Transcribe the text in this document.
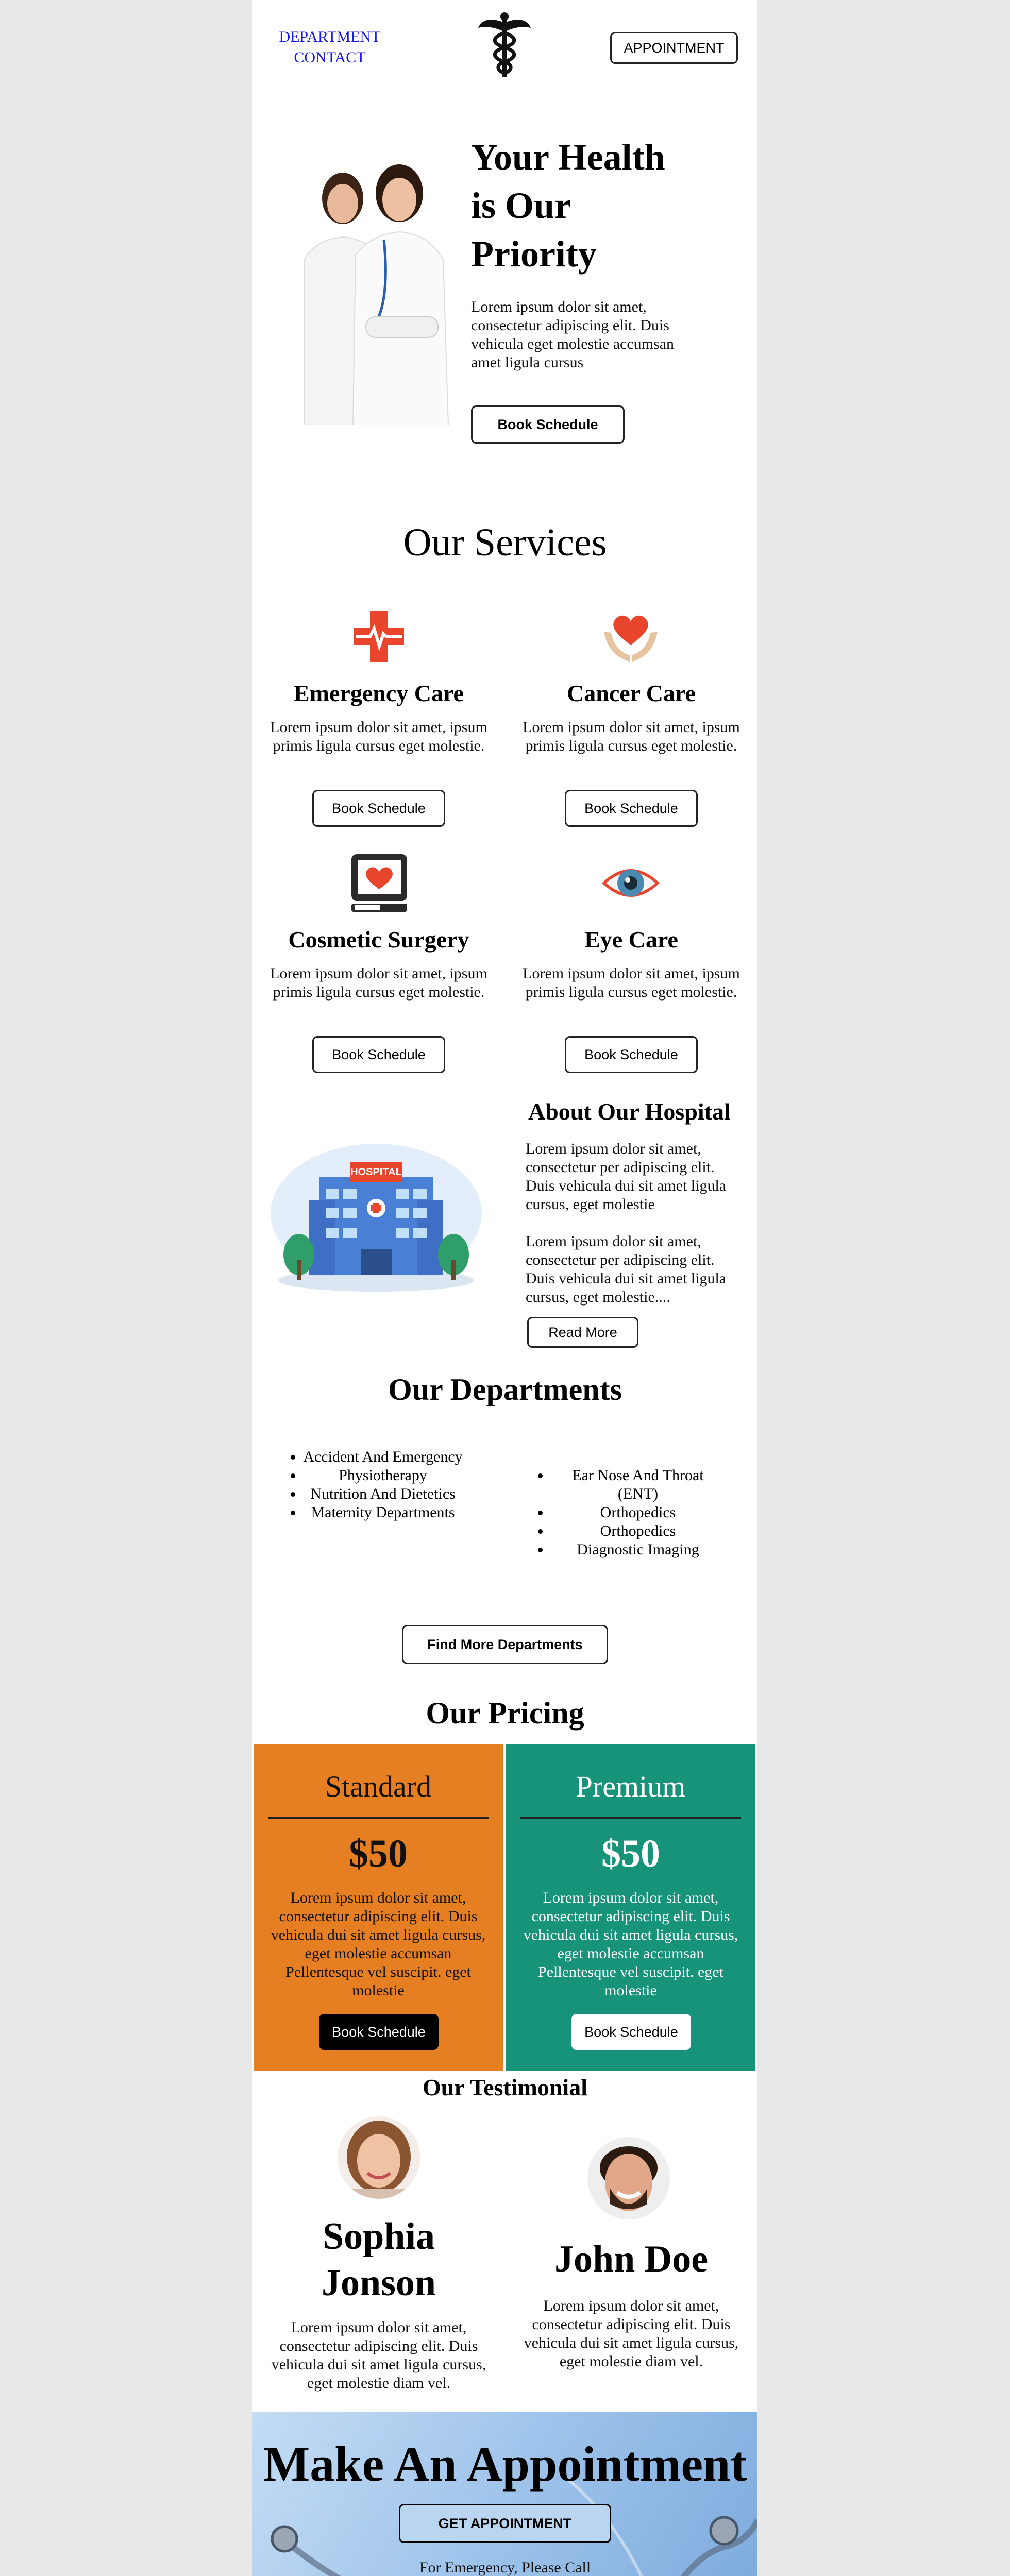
DEPARTMENT
CONTACT
APPOINTMENT
Your Health
is Our
Priority
Lorem ipsum dolor sit amet, consectetur adipiscing elit. Duis vehicula eget molestie accumsan amet ligula cursus
Book Schedule
Our Services
Emergency Care
Lorem ipsum dolor sit amet, ipsum primis ligula cursus eget molestie.
Book Schedule
Cancer Care
Lorem ipsum dolor sit amet, ipsum primis ligula cursus eget molestie.
Book Schedule
Cosmetic Surgery
Lorem ipsum dolor sit amet, ipsum primis ligula cursus eget molestie.
Book Schedule
Eye Care
Lorem ipsum dolor sit amet, ipsum primis ligula cursus eget molestie.
Book Schedule
HOSPITAL
About Our Hospital
Lorem ipsum dolor sit amet, consectetur per adipiscing elit. Duis vehicula dui sit amet ligula cursus, eget molestie
Lorem ipsum dolor sit amet, consectetur per adipiscing elit. Duis vehicula dui sit amet ligula cursus, eget molestie....
Read More
Our Departments
• Accident And Emergency
• Physiotherapy
• Nutrition And Dietetics
• Maternity Departments
• Ear Nose And Throat (ENT)
• Orthopedics
• Orthopedics
• Diagnostic Imaging
Find More Departments
Our Pricing
Standard
$50
Lorem ipsum dolor sit amet, consectetur adipiscing elit. Duis vehicula dui sit amet ligula cursus, eget molestie accumsan Pellentesque vel suscipit. eget molestie
Book Schedule
Premium
$50
Lorem ipsum dolor sit amet, consectetur adipiscing elit. Duis vehicula dui sit amet ligula cursus, eget molestie accumsan Pellentesque vel suscipit. eget molestie
Book Schedule
Our Testimonial
Sophia
Jonson
Lorem ipsum dolor sit amet, consectetur adipiscing elit. Duis vehicula dui sit amet ligula cursus, eget molestie diam vel.
John Doe
Lorem ipsum dolor sit amet, consectetur adipiscing elit. Duis vehicula dui sit amet ligula cursus, eget molestie diam vel.
Make An Appointment
GET APPOINTMENT
For Emergency, Please Call
